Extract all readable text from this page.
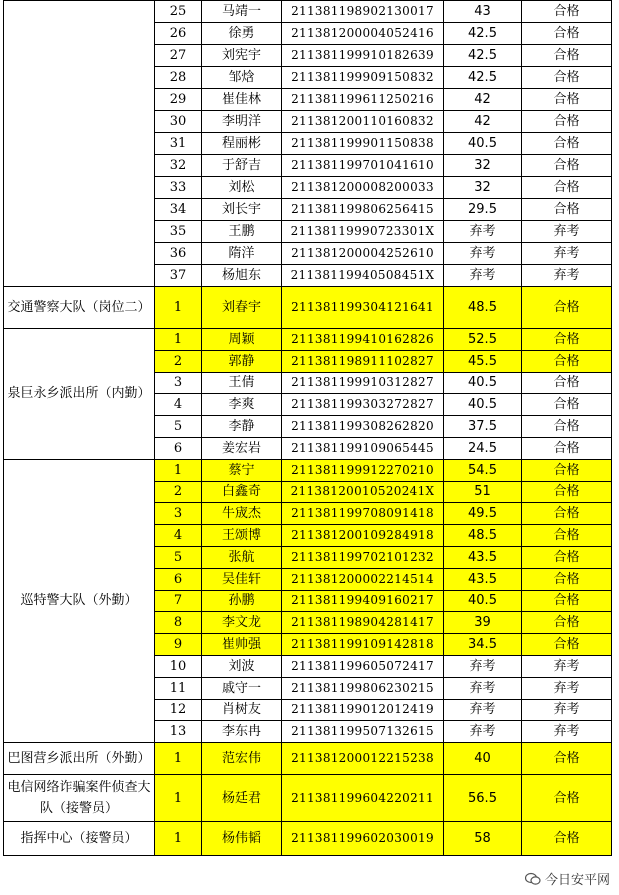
	25	马靖一	211381198902130017	43	合格
	26	徐勇	211381200004052416	42.5	合格
	27	刘宪宇	211381199910182639	42.5	合格
	28	邹焓	211381199909150832	42.5	合格
	29	崔佳林	211381199611250216	42	合格
	30	李明洋	211381200110160832	42	合格
	31	程丽彬	211381199901150838	40.5	合格
	32	于舒吉	211381199701041610	32	合格
	33	刘松	211381200008200033	32	合格
	34	刘长宇	211381199806256415	29.5	合格
	35	王鹏	21138119990723301X	弃考	弃考
	36	隋洋	211381200004252610	弃考	弃考
	37	杨旭东	21138119940508451X	弃考	弃考
交通警察大队（岗位二）	1	刘春宇	211381199304121641	48.5	合格
泉巨永乡派出所（内勤）	1	周颖	211381199410162826	52.5	合格
	2	郭静	211381198911102827	45.5	合格
	3	王倩	211381199910312827	40.5	合格
	4	李爽	211381199303272827	40.5	合格
	5	李静	211381199308262820	37.5	合格
	6	姜宏岩	211381199109065445	24.5	合格
巡特警大队（外勤）	1	蔡宁	211381199912270210	54.5	合格
	2	白鑫奇	21138120010520241X	51	合格
	3	牛宬杰	211381199708091418	49.5	合格
	4	王颂博	211381200109284918	48.5	合格
	5	张航	211381199702101232	43.5	合格
	6	吴佳轩	211381200002214514	43.5	合格
	7	孙鹏	211381199409160217	40.5	合格
	8	李文龙	211381198904281417	39	合格
	9	崔帅强	211381199109142818	34.5	合格
	10	刘波	211381199605072417	弃考	弃考
	11	戚守一	211381199806230215	弃考	弃考
	12	肖树友	211381199012012419	弃考	弃考
	13	李东冉	211381199507132615	弃考	弃考
巴图营乡派出所（外勤）	1	范宏伟	211381200012215238	40	合格
电信网络诈骗案件侦查大队（接警员）	1	杨廷君	211381199604220211	56.5	合格
指挥中心（接警员）	1	杨伟韬	211381199602030019	58	合格
今日安平网
